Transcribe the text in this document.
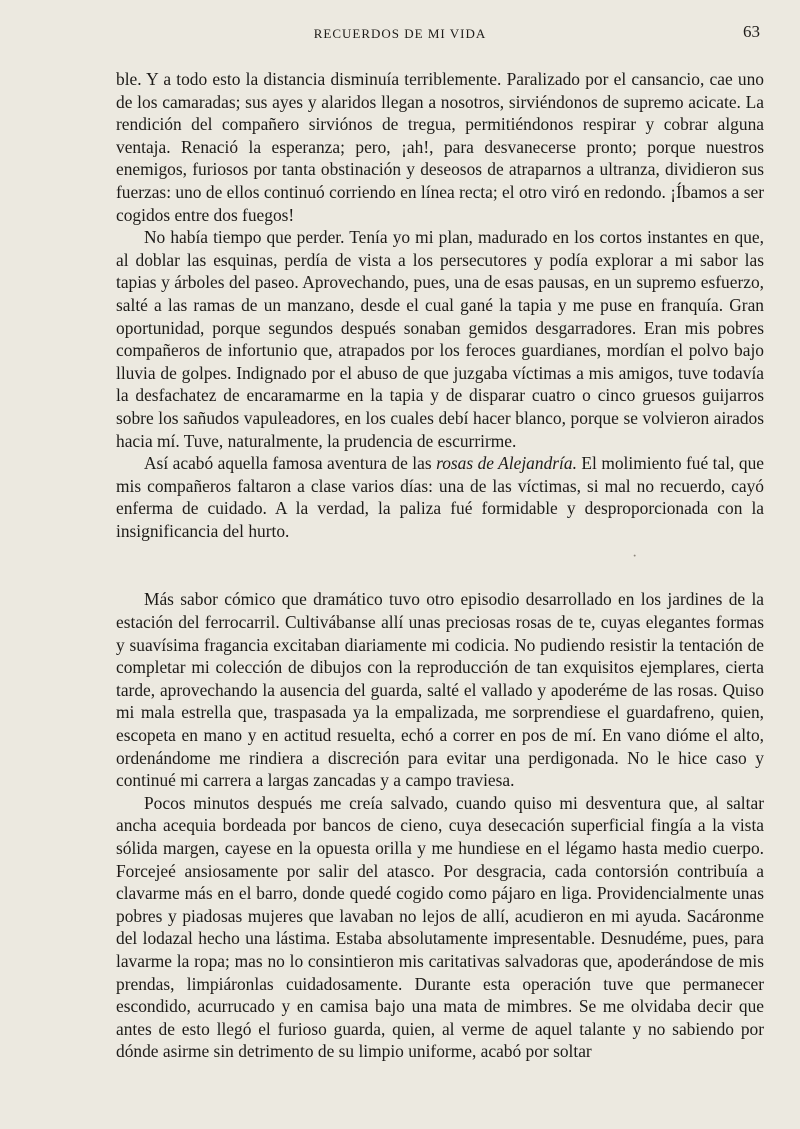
RECUERDOS DE MI VIDA	63

ble. Y a todo esto la distancia disminuía terriblemente. Paralizado por el cansancio, cae uno de los camaradas; sus ayes y alaridos llegan a nosotros, sirviéndonos de supremo acicate. La rendición del compañero sirviónos de tregua, permitiéndonos respirar y cobrar alguna ventaja. Renació la esperanza; pero, ¡ah!, para desvanecerse pronto; porque nuestros enemigos, furiosos por tanta obstinación y deseosos de atraparnos a ultranza, dividieron sus fuerzas: uno de ellos continuó corriendo en línea recta; el otro viró en redondo. ¡Íbamos a ser cogidos entre dos fuegos!

No había tiempo que perder. Tenía yo mi plan, madurado en los cortos instantes en que, al doblar las esquinas, perdía de vista a los persecutores y podía explorar a mi sabor las tapias y árboles del paseo. Aprovechando, pues, una de esas pausas, en un supremo esfuerzo, salté a las ramas de un manzano, desde el cual gané la tapia y me puse en franquía. Gran oportunidad, porque segundos después sonaban gemidos desgarradores. Eran mis pobres compañeros de infortunio que, atrapados por los feroces guardianes, mordían el polvo bajo lluvia de golpes. Indignado por el abuso de que juzgaba víctimas a mis amigos, tuve todavía la desfachatez de encaramarme en la tapia y de disparar cuatro o cinco gruesos guijarros sobre los sañudos vapuleadores, en los cuales debí hacer blanco, porque se volvieron airados hacia mí. Tuve, naturalmente, la prudencia de escurrirme.

Así acabó aquella famosa aventura de las rosas de Alejandría. El molimiento fué tal, que mis compañeros faltaron a clase varios días: una de las víctimas, si mal no recuerdo, cayó enferma de cuidado. A la verdad, la paliza fué formidable y desproporcionada con la insignificancia del hurto.

·

Más sabor cómico que dramático tuvo otro episodio desarrollado en los jardines de la estación del ferrocarril. Cultivábanse allí unas preciosas rosas de te, cuyas elegantes formas y suavísima fragancia excitaban diariamente mi codicia. No pudiendo resistir la tentación de completar mi colección de dibujos con la reproducción de tan exquisitos ejemplares, cierta tarde, aprovechando la ausencia del guarda, salté el vallado y apoderéme de las rosas. Quiso mi mala estrella que, traspasada ya la empalizada, me sorprendiese el guardafreno, quien, escopeta en mano y en actitud resuelta, echó a correr en pos de mí. En vano dióme el alto, ordenándome me rindiera a discreción para evitar una perdigonada. No le hice caso y continué mi carrera a largas zancadas y a campo traviesa.

Pocos minutos después me creía salvado, cuando quiso mi desventura que, al saltar ancha acequia bordeada por bancos de cieno, cuya desecación superficial fingía a la vista sólida margen, cayese en la opuesta orilla y me hundiese en el légamo hasta medio cuerpo. Forcejeé ansiosamente por salir del atasco. Por desgracia, cada contorsión contribuía a clavarme más en el barro, donde quedé cogido como pájaro en liga. Providencialmente unas pobres y piadosas mujeres que lavaban no lejos de allí, acudieron en mi ayuda. Sacáronme del lodazal hecho una lástima. Estaba absolutamente impresentable. Desnudéme, pues, para lavarme la ropa; mas no lo consintieron mis caritativas salvadoras que, apoderándose de mis prendas, limpiáronlas cuidadosamente. Durante esta operación tuve que permanecer escondido, acurrucado y en camisa bajo una mata de mimbres. Se me olvidaba decir que antes de esto llegó el furioso guarda, quien, al verme de aquel talante y no sabiendo por dónde asirme sin detrimento de su limpio uniforme, acabó por soltar
